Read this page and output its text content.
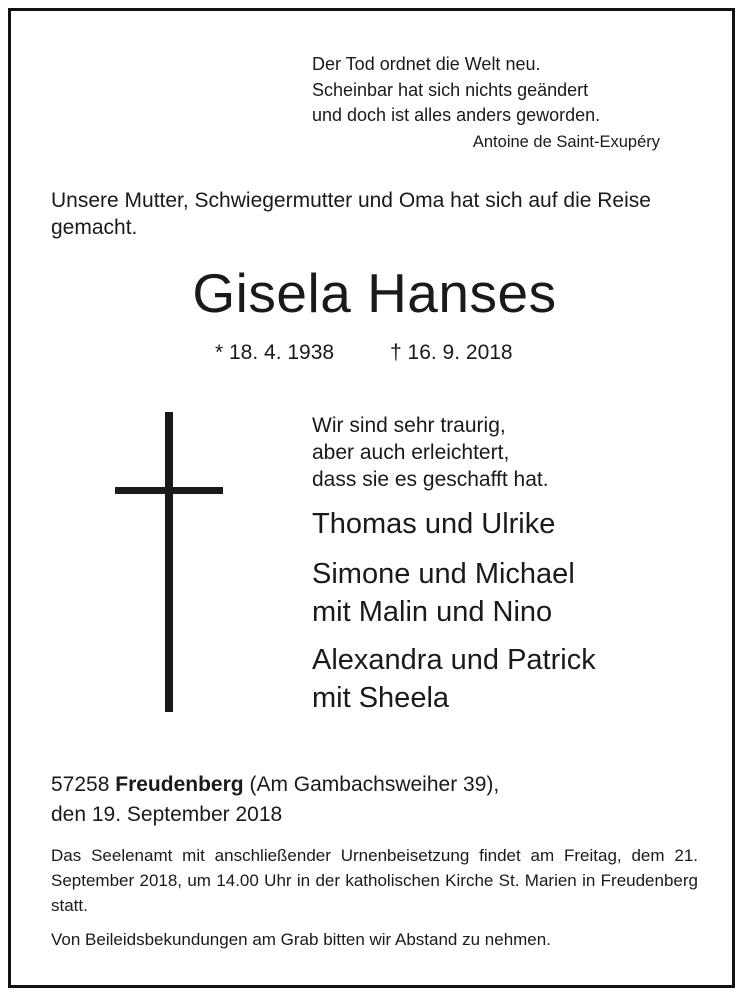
Der Tod ordnet die Welt neu.
Scheinbar hat sich nichts geändert
und doch ist alles anders geworden.
Antoine de Saint-Exupéry
Unsere Mutter, Schwiegermutter und Oma hat sich auf die Reise gemacht.
Gisela Hanses
* 18. 4. 1938	† 16. 9. 2018
Wir sind sehr traurig,
aber auch erleichtert,
dass sie es geschafft hat.
Thomas und Ulrike
Simone und Michael
mit Malin und Nino
Alexandra und Patrick
mit Sheela
57258 Freudenberg (Am Gambachsweiher 39),
den 19. September 2018
Das Seelenamt mit anschließender Urnenbeisetzung findet am Freitag, dem 21. September 2018, um 14.00 Uhr in der katholischen Kirche St. Marien in Freudenberg statt.
Von Beileidsbekundungen am Grab bitten wir Abstand zu nehmen.
